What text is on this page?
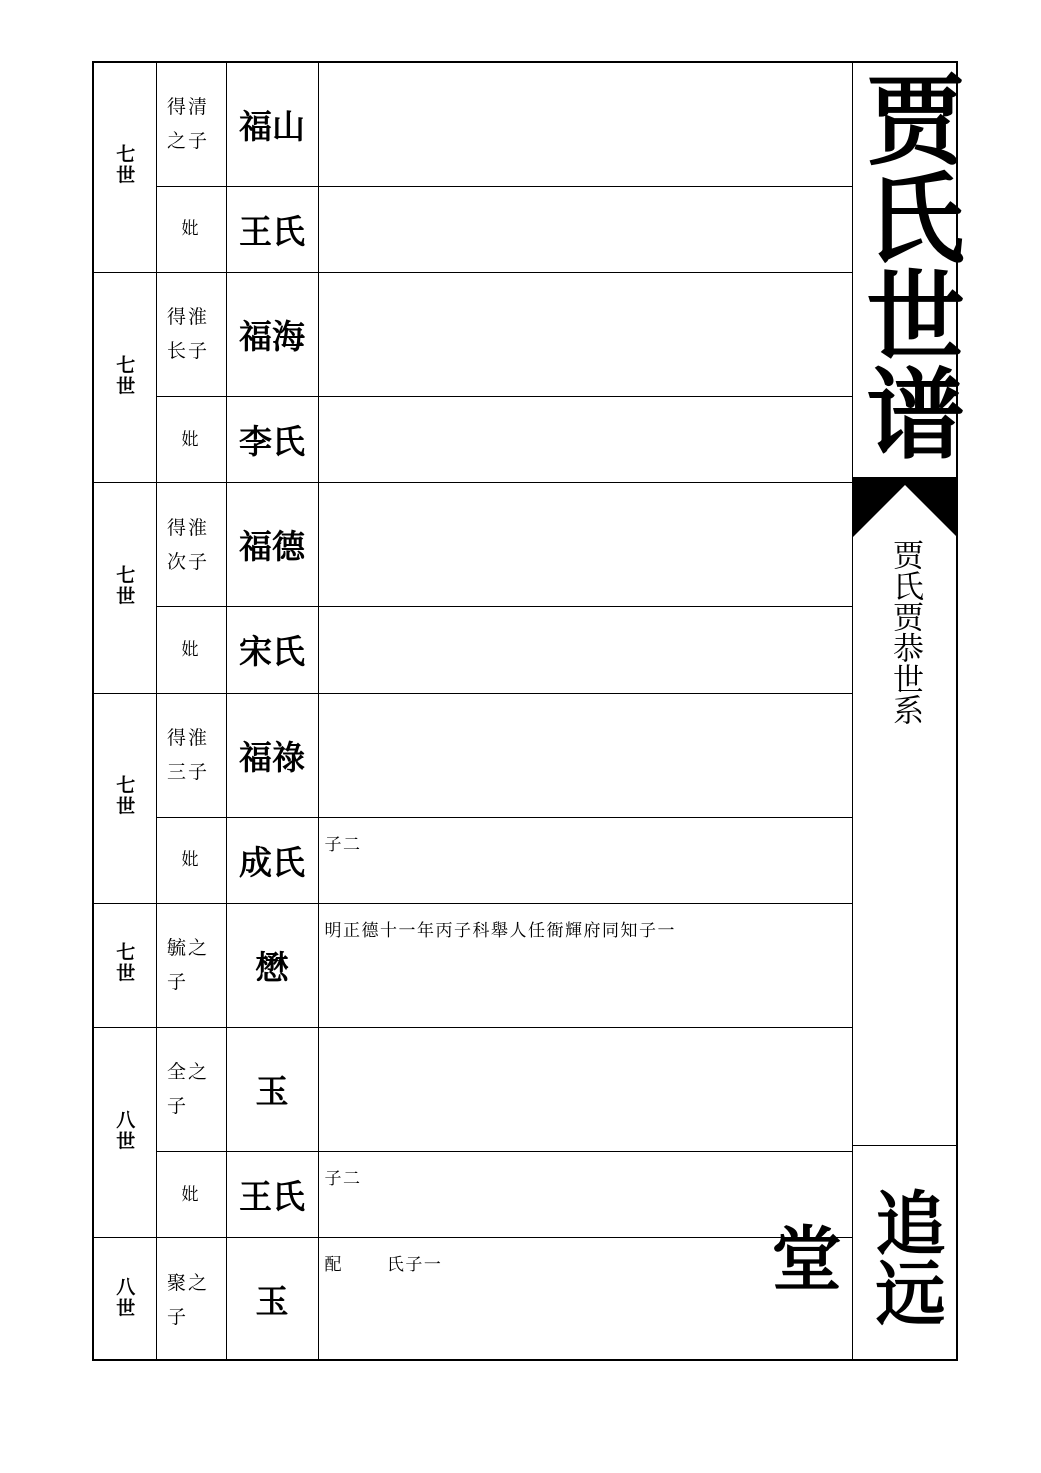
七世	得清之子	福山	

	妣	王氏	

七世	得淮长子	福海	

	妣	李氏	

七世	得淮次子	福德	

	妣	宋氏	

七世	得淮三子	福祿	

	妣	成氏	子二

七世	毓之子	懋	明正德十一年丙子科舉人任衙輝府同知子一

八世	全之子	玉	

	妣	王氏	子二

八世	聚之子	玉	配　　 氏子一
贾氏世谱
贾氏贾恭世系
追远堂
